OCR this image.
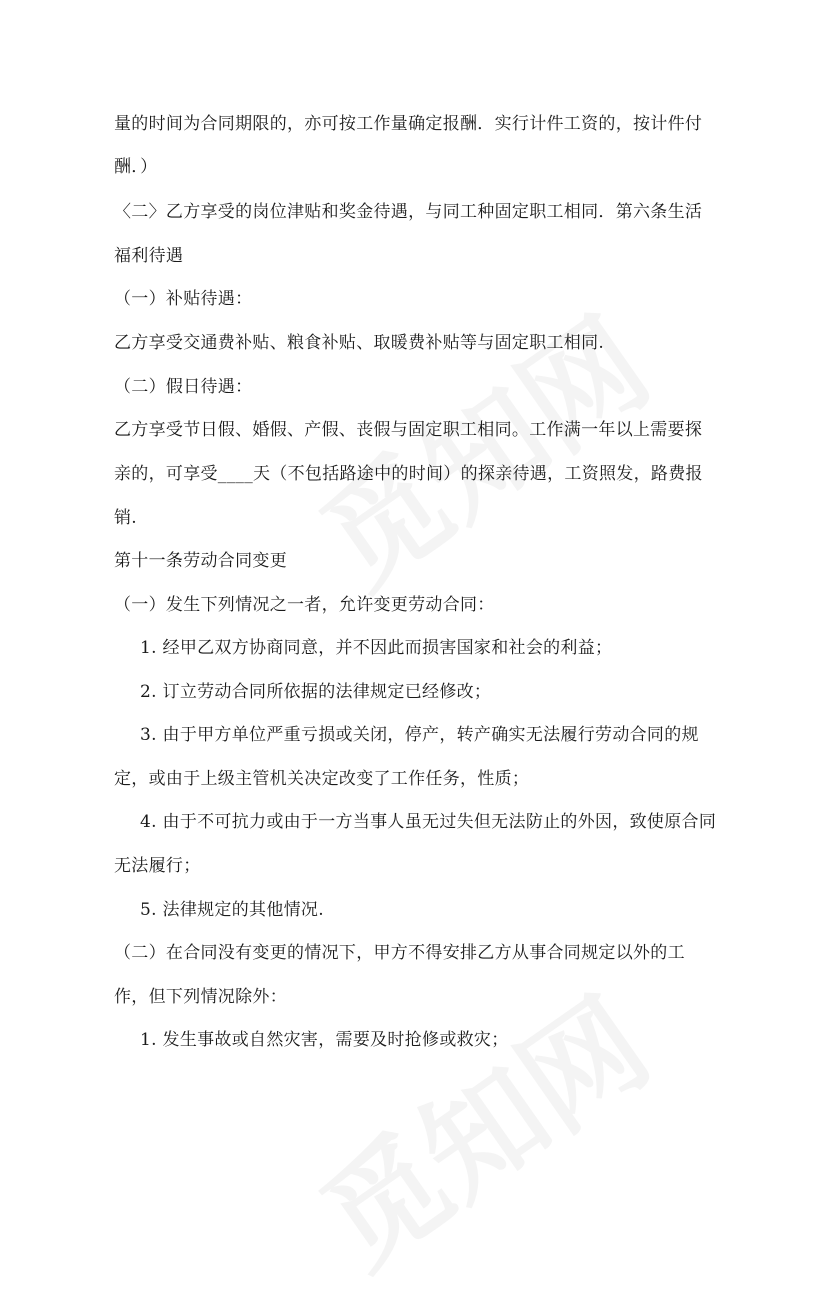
量的时间为合同期限的，亦可按工作量确定报酬．实行计件工资的，按计件付
酬．）
〈二〉乙方享受的岗位津贴和奖金待遇，与同工种固定职工相同．第六条生活
福利待遇
（一）补贴待遇：
乙方享受交通费补贴、粮食补贴、取暖费补贴等与固定职工相同.
（二）假日待遇：
乙方享受节日假、婚假、产假、丧假与固定职工相同。工作满一年以上需要探
亲的，可享受____天（不包括路途中的时间）的探亲待遇，工资照发，路费报
销.
第十一条劳动合同变更
（一）发生下列情况之一者，允许变更劳动合同：
1. 经甲乙双方协商同意，并不因此而损害国家和社会的利益；
2. 订立劳动合同所依据的法律规定已经修改；
3. 由于甲方单位严重亏损或关闭，停产，转产确实无法履行劳动合同的规
定，或由于上级主管机关决定改变了工作任务，性质；
4. 由于不可抗力或由于一方当事人虽无过失但无法防止的外因，致使原合同
无法履行；
5. 法律规定的其他情况.
（二）在合同没有变更的情况下，甲方不得安排乙方从事合同规定以外的工
作，但下列情况除外：
1. 发生事故或自然灾害，需要及时抢修或救灾；
